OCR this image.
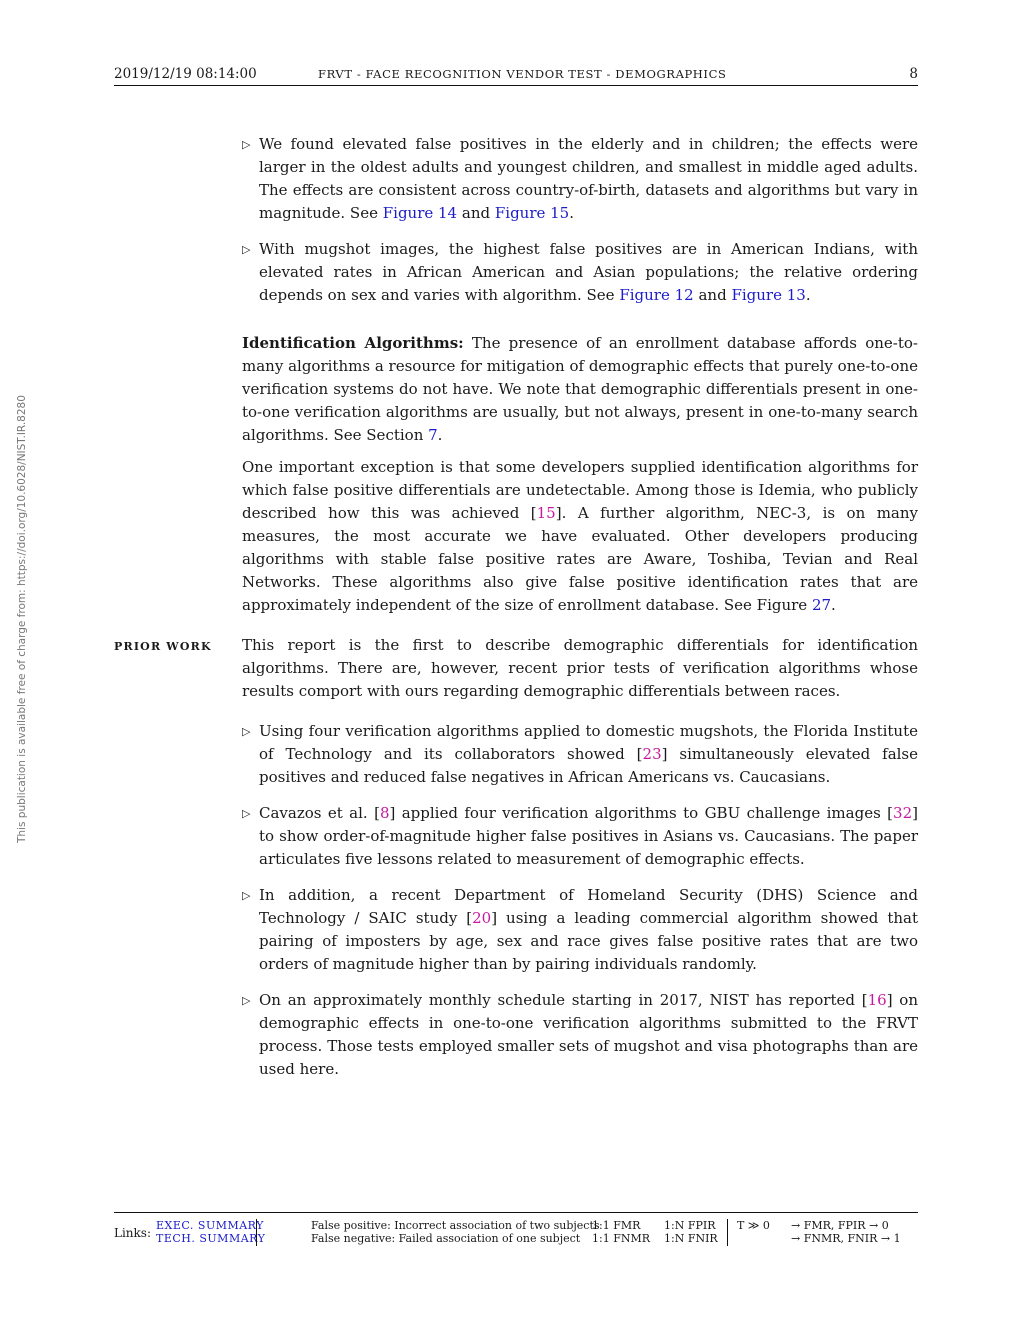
2019/12/19 08:14:00	FRVT - FACE RECOGNITION VENDOR TEST - DEMOGRAPHICS	8
This publication is available free of charge from: https://doi.org/10.6028/NIST.IR.8280
▷ We found elevated false positives in the elderly and in children; the effects were larger in the oldest adults and youngest children, and smallest in middle aged adults. The effects are consistent across country-of-birth, datasets and algorithms but vary in magnitude. See Figure 14 and Figure 15.
▷ With mugshot images, the highest false positives are in American Indians, with elevated rates in African American and Asian populations; the relative ordering depends on sex and varies with algorithm. See Figure 12 and Figure 13.

Identification Algorithms: The presence of an enrollment database affords one-to-many algorithms a resource for mitigation of demographic effects that purely one-to-one verification systems do not have. We note that demographic differentials present in one-to-one verification algorithms are usually, but not always, present in one-to-many search algorithms. See Section 7.

One important exception is that some developers supplied identification algorithms for which false positive differentials are undetectable. Among those is Idemia, who publicly described how this was achieved [15]. A further algorithm, NEC-3, is on many measures, the most accurate we have evaluated. Other developers producing algorithms with stable false positive rates are Aware, Toshiba, Tevian and Real Networks. These algorithms also give false positive identification rates that are approximately independent of the size of enrollment database. See Figure 27.

PRIOR WORK This report is the first to describe demographic differentials for identification algorithms. There are, however, recent prior tests of verification algorithms whose results comport with ours regarding demographic differentials between races.

▷ Using four verification algorithms applied to domestic mugshots, the Florida Institute of Technology and its collaborators showed [23] simultaneously elevated false positives and reduced false negatives in African Americans vs. Caucasians.
▷ Cavazos et al. [8] applied four verification algorithms to GBU challenge images [32] to show order-of-magnitude higher false positives in Asians vs. Caucasians. The paper articulates five lessons related to measurement of demographic effects.
▷ In addition, a recent Department of Homeland Security (DHS) Science and Technology / SAIC study [20] using a leading commercial algorithm showed that pairing of imposters by age, sex and race gives false positive rates that are two orders of magnitude higher than by pairing individuals randomly.
▷ On an approximately monthly schedule starting in 2017, NIST has reported [16] on demographic effects in one-to-one verification algorithms submitted to the FRVT process. Those tests employed smaller sets of mugshot and visa photographs than are used here.
Links:
EXEC. SUMMARY
TECH. SUMMARY
False positive: Incorrect association of two subjects
False negative: Failed association of one subject
1:1 FMR
1:1 FNMR
1:N FPIR
1:N FNIR
T ≫ 0 → FMR, FPIR → 0
→ FNMR, FNIR → 1
